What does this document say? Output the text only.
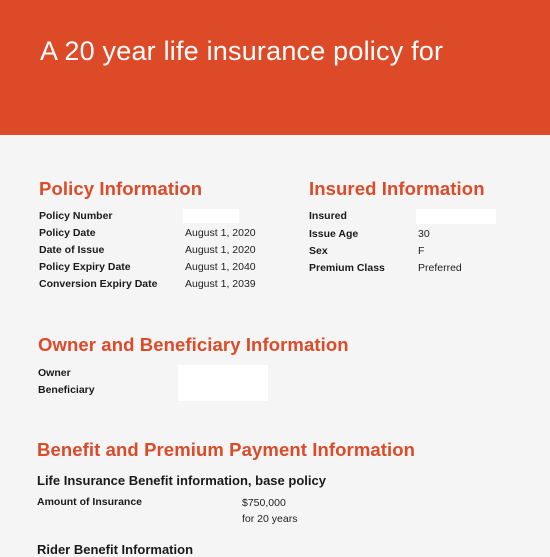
A 20 year life insurance policy for
Policy Information
Policy Number
Policy Date	August 1, 2020
Date of Issue	August 1, 2020
Policy Expiry Date	August 1, 2040
Conversion Expiry Date	August 1, 2039
Insured Information
Insured
Issue Age	30
Sex	F
Premium Class	Preferred
Owner and Beneficiary Information
Owner
Beneficiary
Benefit and Premium Payment Information
Life Insurance Benefit information, base policy
Amount of Insurance	$750,000
for 20 years
Rider Benefit Information
